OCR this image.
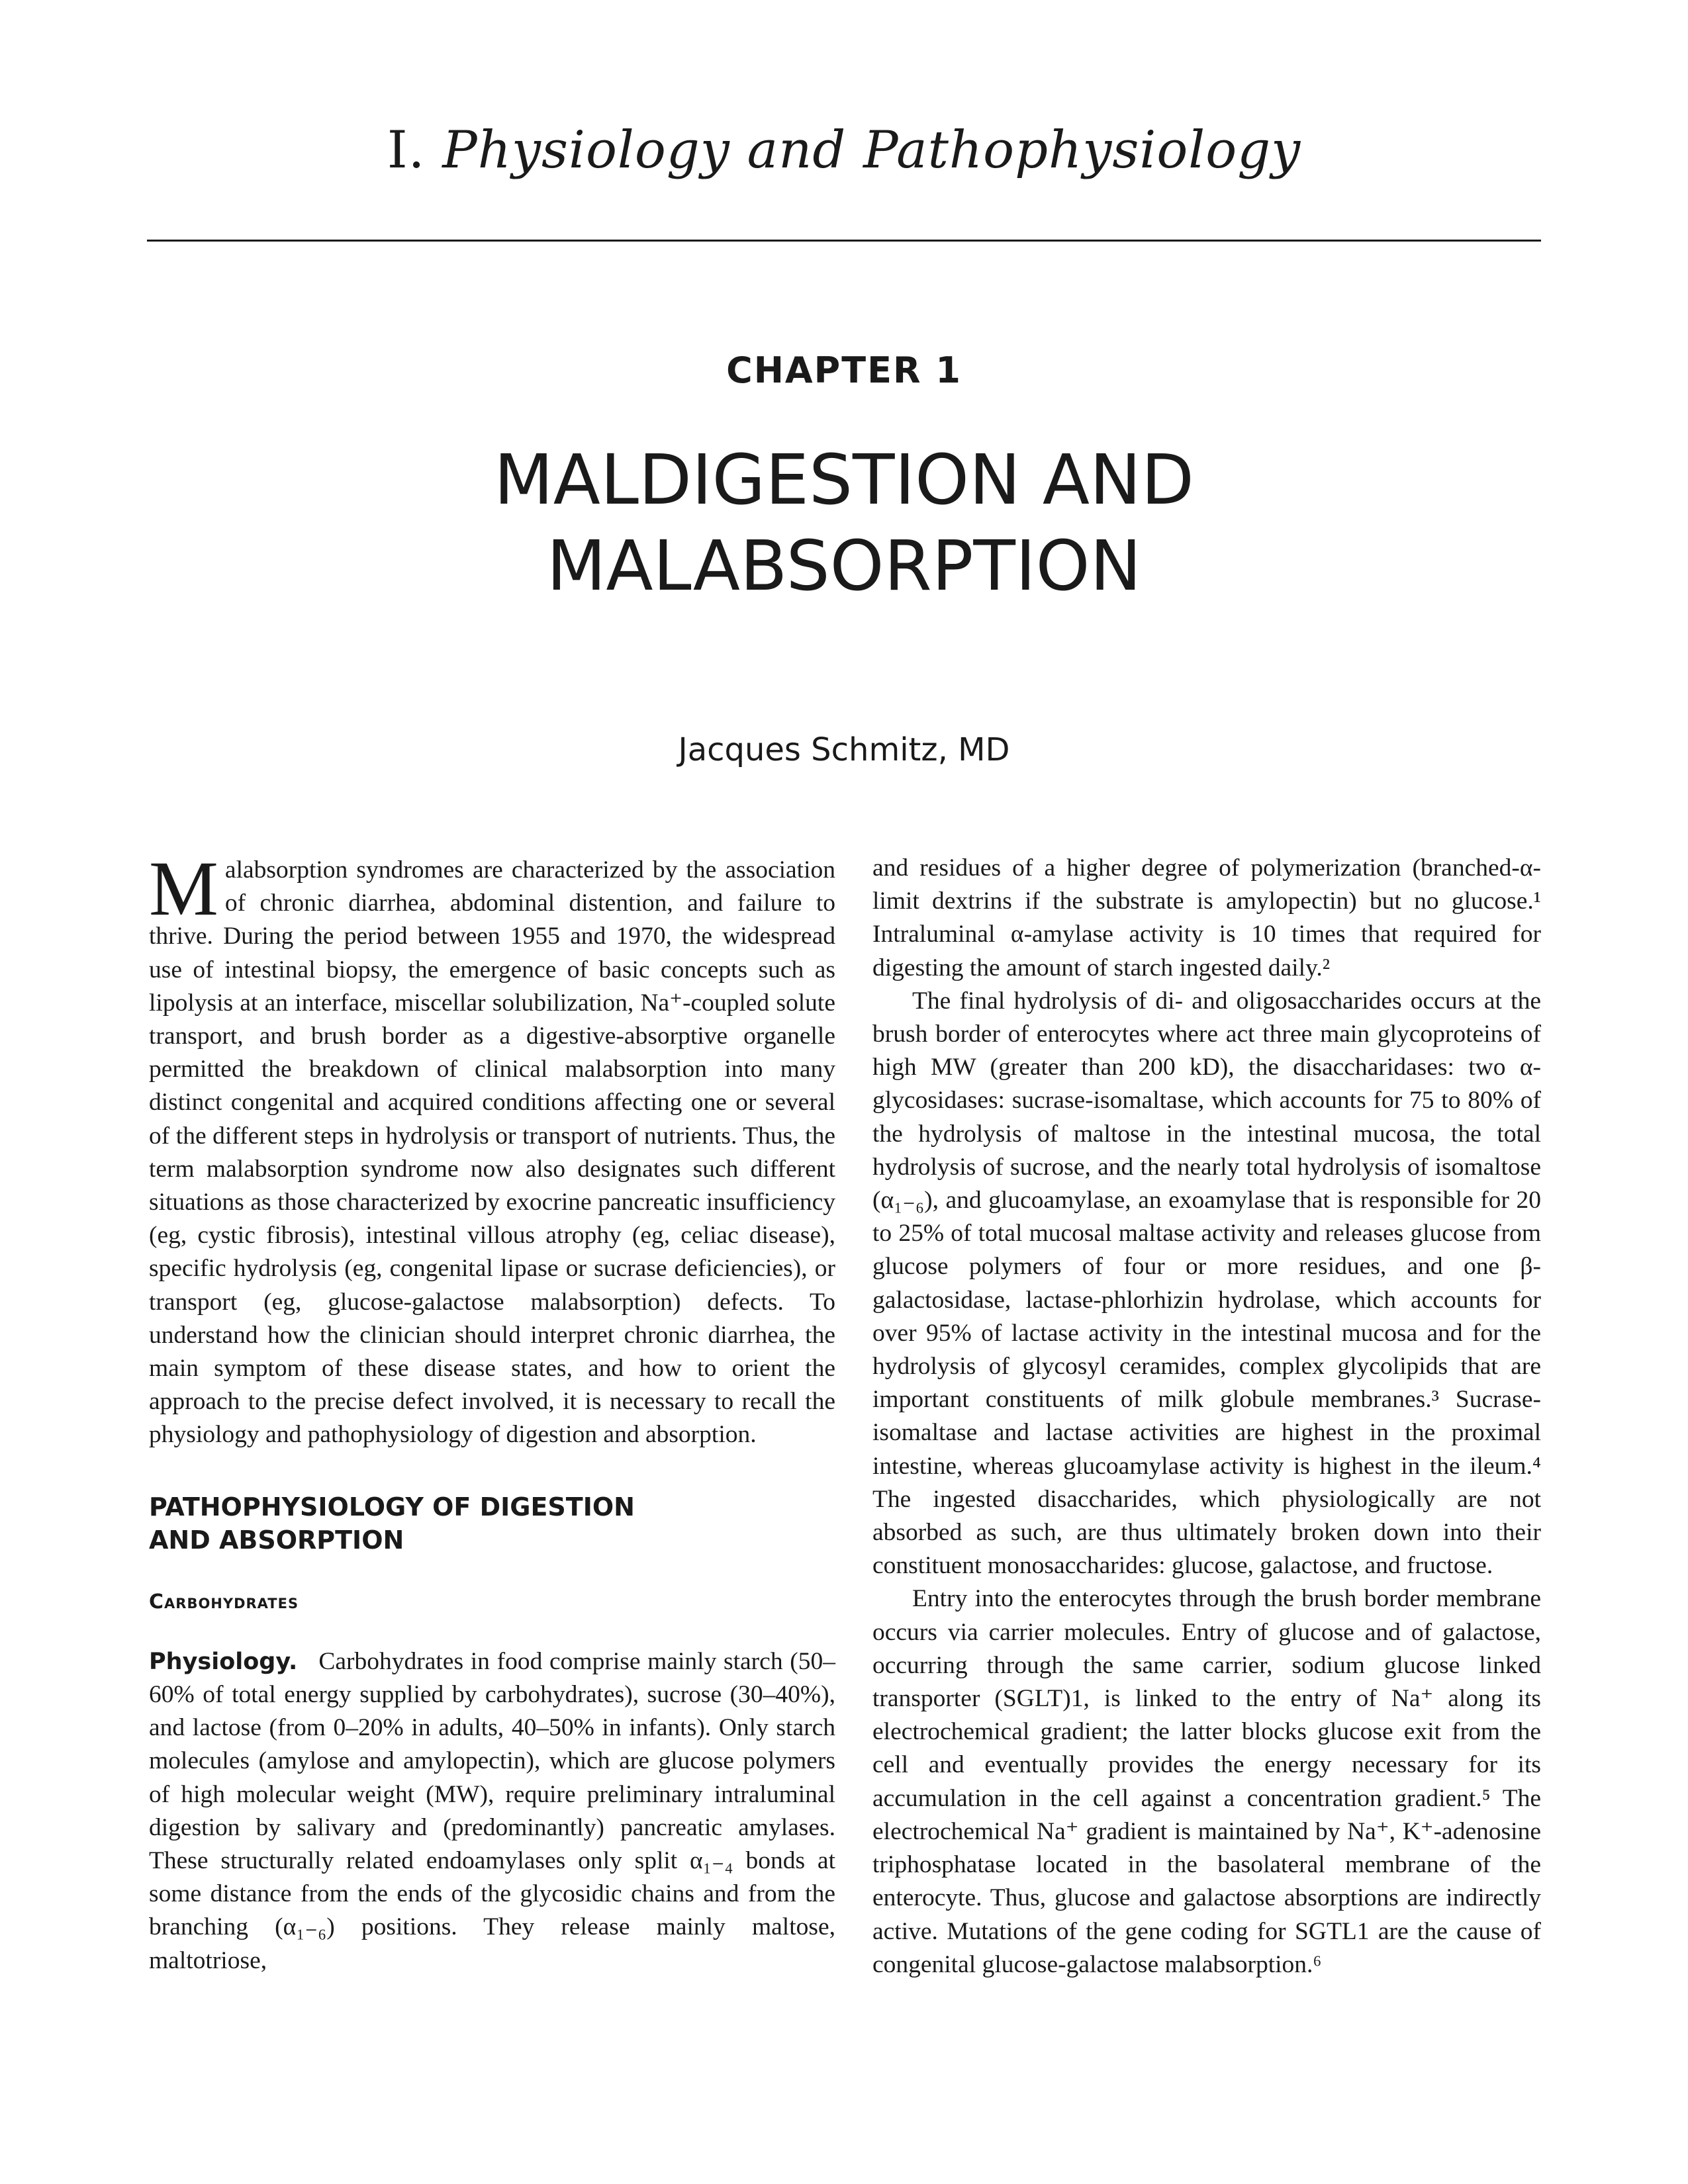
I. Physiology and Pathophysiology
CHAPTER 1
MALDIGESTION AND
MALABSORPTION
Jacques Schmitz, MD

Malabsorption syndromes are characterized by the association of chronic diarrhea, abdominal distention, and failure to thrive. During the period between 1955 and 1970, the widespread use of intestinal biopsy, the emergence of basic concepts such as lipolysis at an interface, miscellar solubilization, Na⁺-coupled solute transport, and brush border as a digestive-absorptive organelle permitted the breakdown of clinical malabsorption into many distinct congenital and acquired conditions affecting one or several of the different steps in hydrolysis or transport of nutrients. Thus, the term malabsorption syndrome now also designates such different situations as those characterized by exocrine pancreatic insufficiency (eg, cystic fibrosis), intestinal villous atrophy (eg, celiac disease), specific hydrolysis (eg, congenital lipase or sucrase deficiencies), or transport (eg, glucose-galactose malabsorption) defects. To understand how the clinician should interpret chronic diarrhea, the main symptom of these disease states, and how to orient the approach to the precise defect involved, it is necessary to recall the physiology and pathophysiology of digestion and absorption.

PATHOPHYSIOLOGY OF DIGESTION
AND ABSORPTION
Carbohydrates

Physiology. Carbohydrates in food comprise mainly starch (50–60% of total energy supplied by carbohydrates), sucrose (30–40%), and lactose (from 0–20% in adults, 40–50% in infants). Only starch molecules (amylose and amylopectin), which are glucose polymers of high molecular weight (MW), require preliminary intraluminal digestion by salivary and (predominantly) pancreatic amylases. These structurally related endoamylases only split α₁₋₄ bonds at some distance from the ends of the glycosidic chains and from the branching (α₁₋₆) positions. They release mainly maltose, maltotriose,

and residues of a higher degree of polymerization (branched-α-limit dextrins if the substrate is amylopectin) but no glucose.¹ Intraluminal α-amylase activity is 10 times that required for digesting the amount of starch ingested daily.²

The final hydrolysis of di- and oligosaccharides occurs at the brush border of enterocytes where act three main glycoproteins of high MW (greater than 200 kD), the disaccharidases: two α-glycosidases: sucrase-isomaltase, which accounts for 75 to 80% of the hydrolysis of maltose in the intestinal mucosa, the total hydrolysis of sucrose, and the nearly total hydrolysis of isomaltose (α₁₋₆), and glucoamylase, an exoamylase that is responsible for 20 to 25% of total mucosal maltase activity and releases glucose from glucose polymers of four or more residues, and one β-galactosidase, lactase-phlorhizin hydrolase, which accounts for over 95% of lactase activity in the intestinal mucosa and for the hydrolysis of glycosyl ceramides, complex glycolipids that are important constituents of milk globule membranes.³ Sucrase-isomaltase and lactase activities are highest in the proximal intestine, whereas glucoamylase activity is highest in the ileum.⁴ The ingested disaccharides, which physiologically are not absorbed as such, are thus ultimately broken down into their constituent monosaccharides: glucose, galactose, and fructose.

Entry into the enterocytes through the brush border membrane occurs via carrier molecules. Entry of glucose and of galactose, occurring through the same carrier, sodium glucose linked transporter (SGLT)1, is linked to the entry of Na⁺ along its electrochemical gradient; the latter blocks glucose exit from the cell and eventually provides the energy necessary for its accumulation in the cell against a concentration gradient.⁵ The electrochemical Na⁺ gradient is maintained by Na⁺, K⁺-adenosine triphosphatase located in the basolateral membrane of the enterocyte. Thus, glucose and galactose absorptions are indirectly active. Mutations of the gene coding for SGTL1 are the cause of congenital glucose-galactose malabsorption.⁶
